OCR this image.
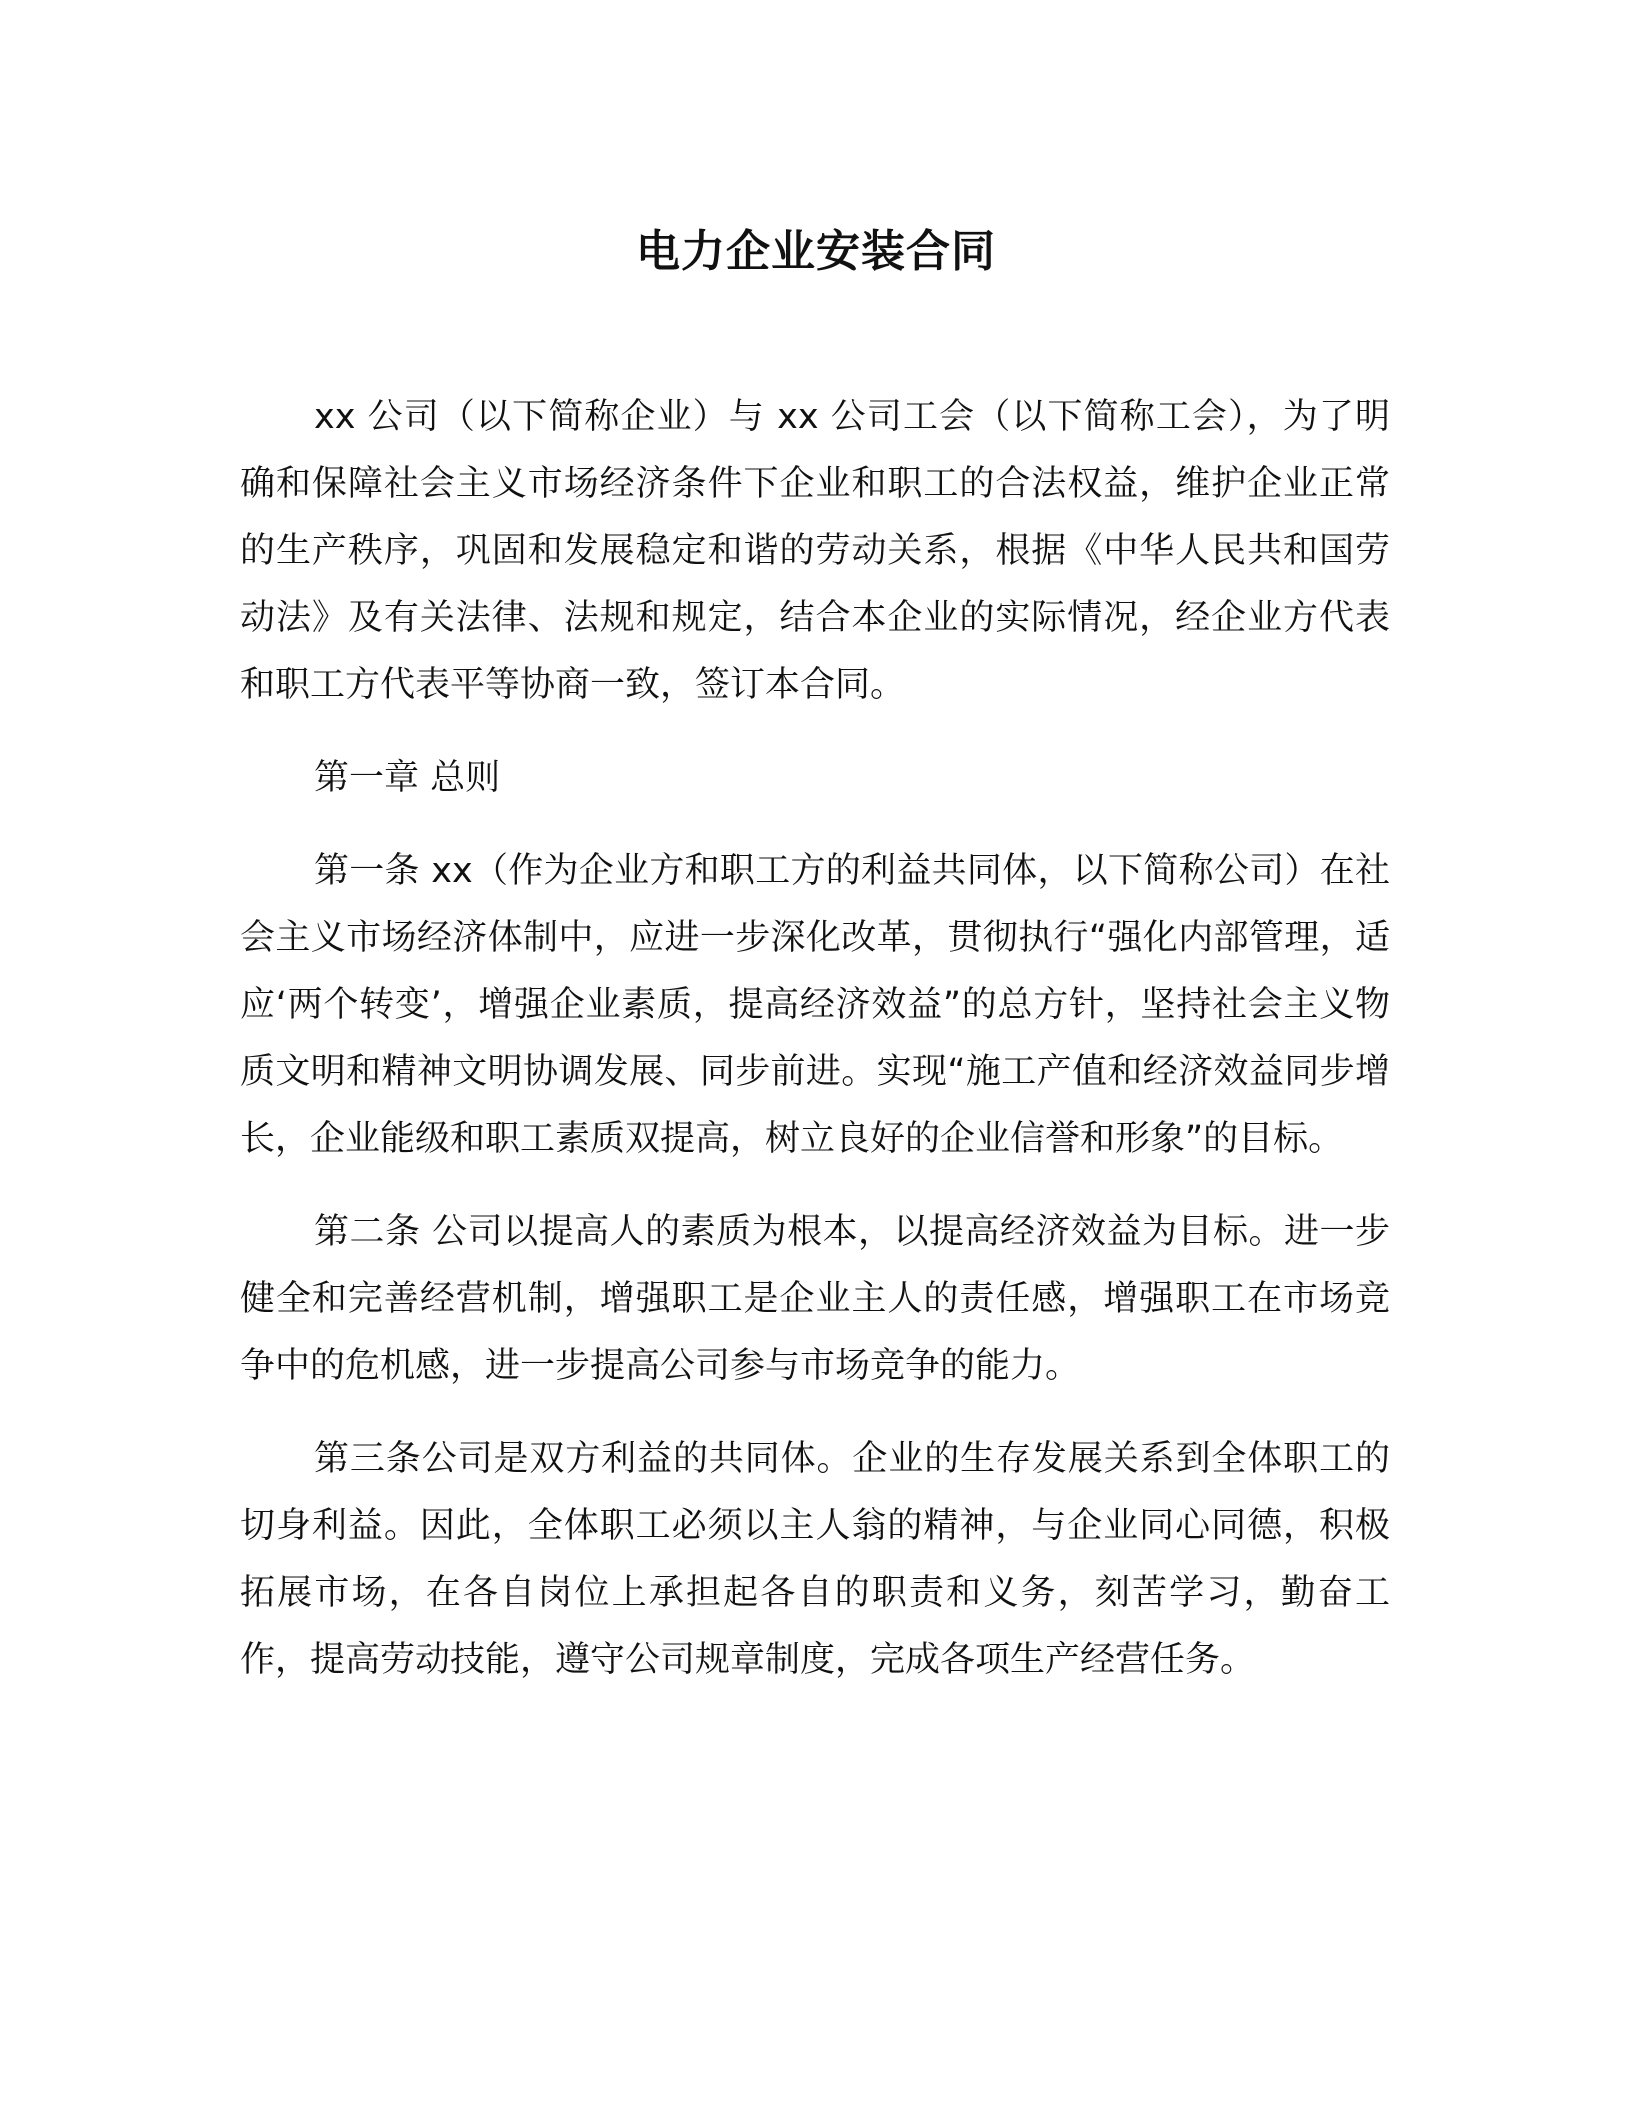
电力企业安装合同

xx 公司（以下简称企业）与 xx 公司工会（以下简称工会），为了明确和保障社会主义市场经济条件下企业和职工的合法权益，维护企业正常的生产秩序，巩固和发展稳定和谐的劳动关系，根据《中华人民共和国劳动法》及有关法律、法规和规定，结合本企业的实际情况，经企业方代表和职工方代表平等协商一致，签订本合同。

第一章 总则

第一条 xx（作为企业方和职工方的利益共同体，以下简称公司）在社会主义市场经济体制中，应进一步深化改革，贯彻执行“强化内部管理，适应‘两个转变’，增强企业素质，提高经济效益”的总方针，坚持社会主义物质文明和精神文明协调发展、同步前进。实现“施工产值和经济效益同步增长，企业能级和职工素质双提高，树立良好的企业信誉和形象”的目标。

第二条 公司以提高人的素质为根本，以提高经济效益为目标。进一步健全和完善经营机制，增强职工是企业主人的责任感，增强职工在市场竞争中的危机感，进一步提高公司参与市场竞争的能力。

第三条公司是双方利益的共同体。企业的生存发展关系到全体职工的切身利益。因此，全体职工必须以主人翁的精神，与企业同心同德，积极拓展市场，在各自岗位上承担起各自的职责和义务，刻苦学习，勤奋工作，提高劳动技能，遵守公司规章制度，完成各项生产经营任务。
